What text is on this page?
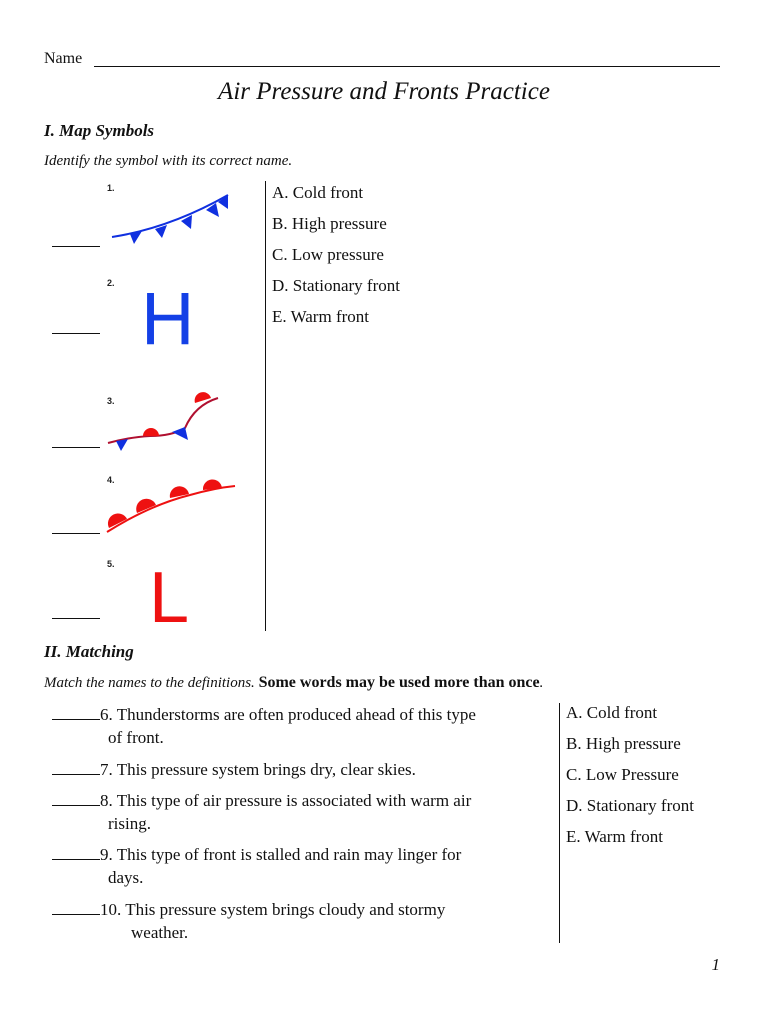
Name
Air Pressure and Fronts Practice
I. Map Symbols
Identify the symbol with its correct name.
1.
2.
3.
4.
5.
H
L
A. Cold front
B. High pressure
C. Low pressure
D. Stationary front
E. Warm front
II. Matching
Match the names to the definitions. Some words may be used more than once.
6. Thunderstorms are often produced ahead of this type
of front.
7. This pressure system brings dry, clear skies.
8. This type of air pressure is associated with warm air
rising.
9. This type of front is stalled and rain may linger for
days.
10. This pressure system brings cloudy and stormy
weather.
A. Cold front
B. High pressure
C. Low Pressure
D. Stationary front
E. Warm front
1
